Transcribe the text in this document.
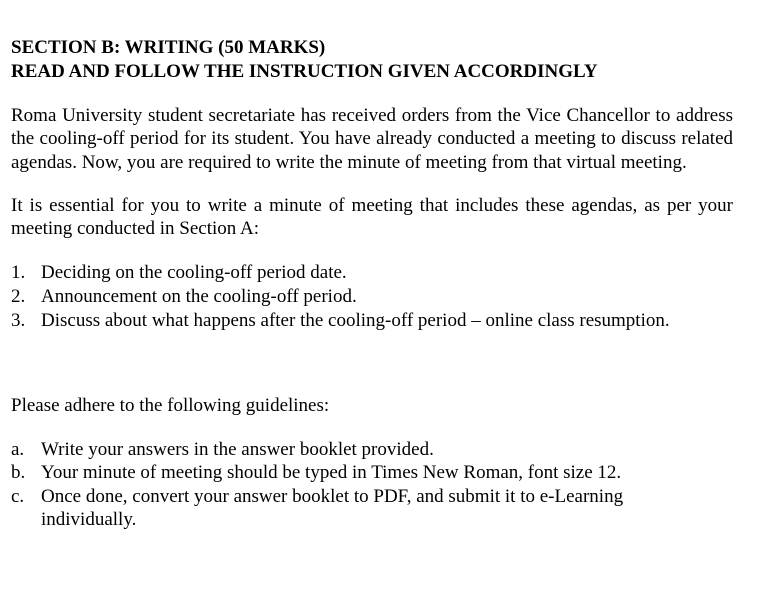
SECTION B: WRITING (50 MARKS)
READ AND FOLLOW THE INSTRUCTION GIVEN ACCORDINGLY

Roma University student secretariate has received orders from the Vice Chancellor to address the cooling-off period for its student. You have already conducted a meeting to discuss related agendas. Now, you are required to write the minute of meeting from that virtual meeting.

It is essential for you to write a minute of meeting that includes these agendas, as per your meeting conducted in Section A:

1. Deciding on the cooling-off period date.
2. Announcement on the cooling-off period.
3. Discuss about what happens after the cooling-off period – online class resumption.

Please adhere to the following guidelines:

a. Write your answers in the answer booklet provided.
b. Your minute of meeting should be typed in Times New Roman, font size 12.
c. Once done, convert your answer booklet to PDF, and submit it to e-Learning individually.
